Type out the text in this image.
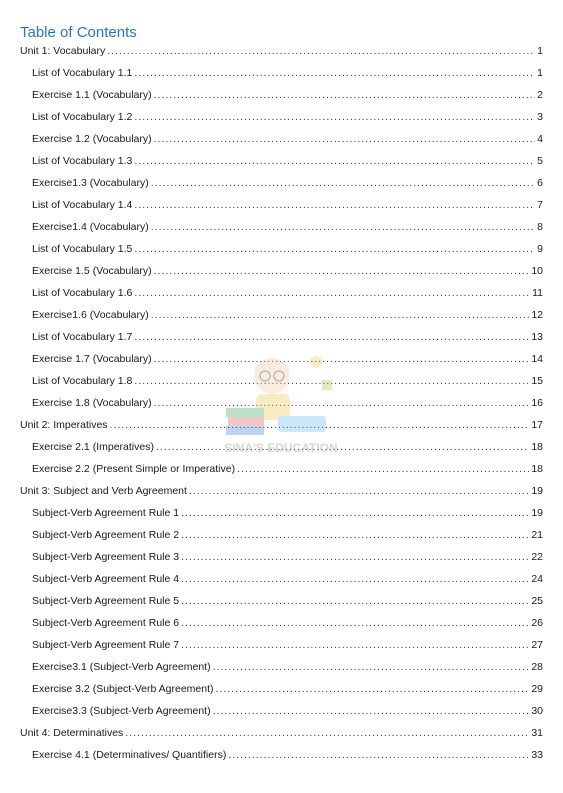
Table of Contents
Unit 1: Vocabulary .....	1
List of Vocabulary 1.1 .....	1
Exercise 1.1 (Vocabulary) .....	2
List of Vocabulary 1.2 .....	3
Exercise 1.2 (Vocabulary) .....	4
List of Vocabulary 1.3 .....	5
Exercise1.3 (Vocabulary) .....	6
List of Vocabulary 1.4 .....	7
Exercise1.4 (Vocabulary) .....	8
List of Vocabulary 1.5 .....	9
Exercise 1.5 (Vocabulary) .....	10
List of Vocabulary 1.6 .....	11
Exercise1.6 (Vocabulary) .....	12
List of Vocabulary 1.7 .....	13
Exercise 1.7 (Vocabulary) .....	14
List of Vocabulary 1.8 .....	15
Exercise 1.8 (Vocabulary) .....	16
Unit 2: Imperatives .....	17
Exercise 2.1 (Imperatives) .....	18
Exercise 2.2 (Present Simple or Imperative) .....	18
Unit 3: Subject and Verb Agreement .....	19
Subject-Verb Agreement Rule 1 .....	19
Subject-Verb Agreement Rule 2 .....	21
Subject-Verb Agreement Rule 3 .....	22
Subject-Verb Agreement Rule 4 .....	24
Subject-Verb Agreement Rule 5 .....	25
Subject-Verb Agreement Rule 6 .....	26
Subject-Verb Agreement Rule 7 .....	27
Exercise3.1 (Subject-Verb Agreement) .....	28
Exercise 3.2 (Subject-Verb Agreement) .....	29
Exercise3.3 (Subject-Verb Agreement) .....	30
Unit 4: Determinatives .....	31
Exercise 4.1 (Determinatives/ Quantifiers) .....	33
SINA'S EDUCATION
